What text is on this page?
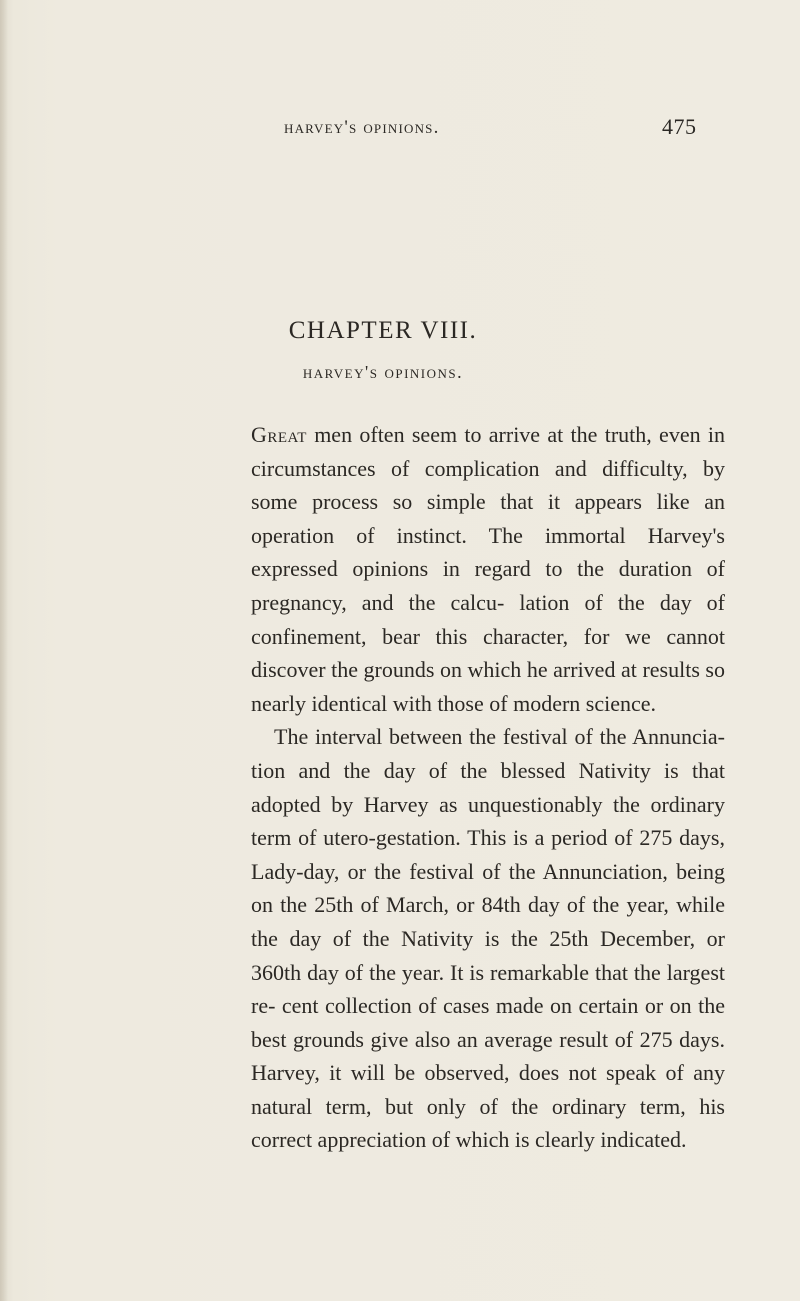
harvey's opinions.	475
CHAPTER VIII.
harvey's opinions.

Great men often seem to arrive at the truth, even in circumstances of complication and difficulty, by some process so simple that it appears like an operation of instinct. The immortal Harvey's expressed opinions in regard to the duration of pregnancy, and the calcu- lation of the day of confinement, bear this character, for we cannot discover the grounds on which he arrived at results so nearly identical with those of modern science.

The interval between the festival of the Annuncia- tion and the day of the blessed Nativity is that adopted by Harvey as unquestionably the ordinary term of utero-gestation. This is a period of 275 days, Lady-day, or the festival of the Annunciation, being on the 25th of March, or 84th day of the year, while the day of the Nativity is the 25th December, or 360th day of the year. It is remarkable that the largest re- cent collection of cases made on certain or on the best grounds give also an average result of 275 days. Harvey, it will be observed, does not speak of any natural term, but only of the ordinary term, his correct appreciation of which is clearly indicated.
